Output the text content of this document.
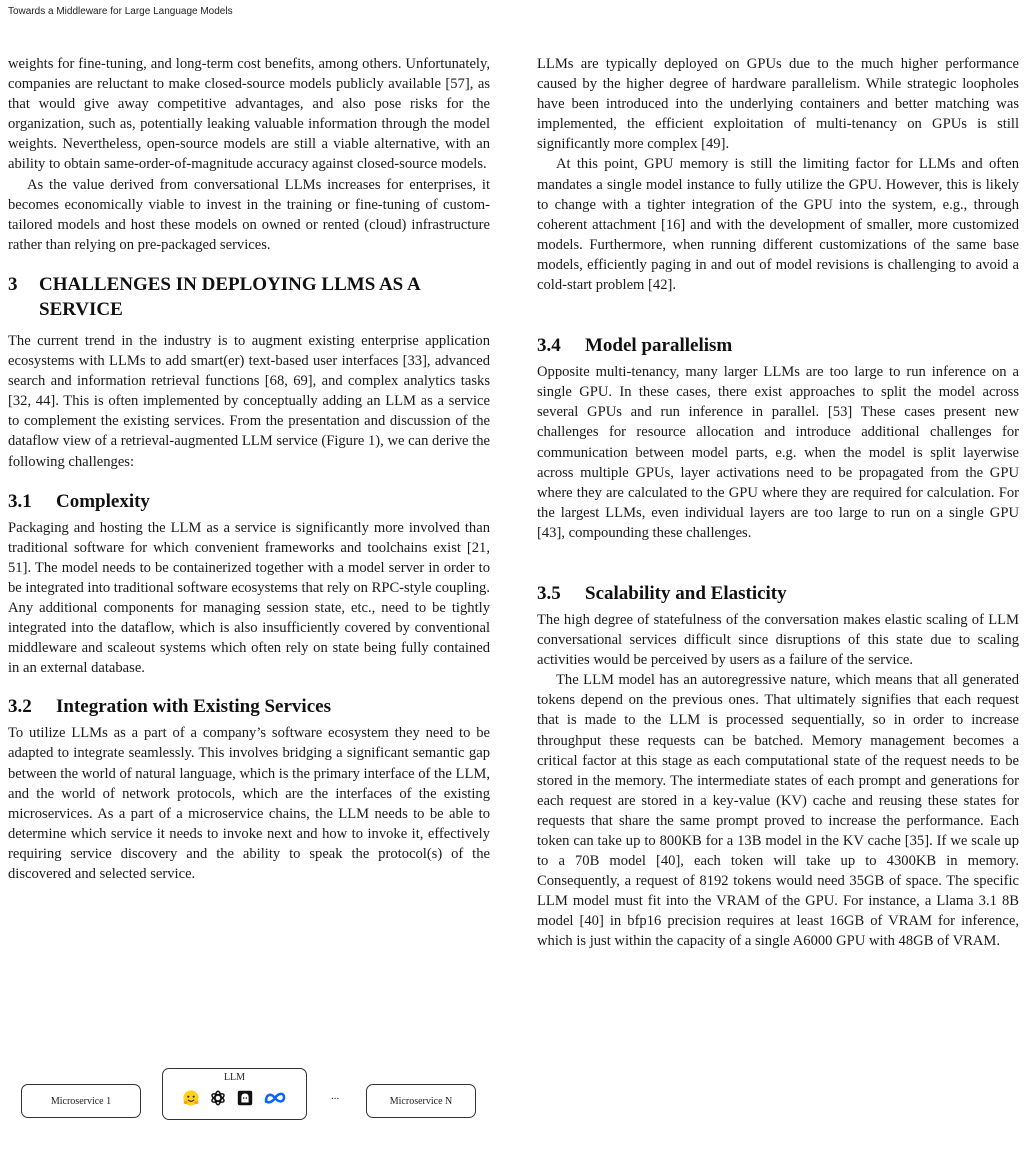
Towards a Middleware for Large Language Models

weights for fine-tuning, and long-term cost benefits, among others. Unfortunately, companies are reluctant to make closed-source models publicly available [57], as that would give away competitive advantages, and also pose risks for the organization, such as, potentially leaking valuable information through the model weights. Nevertheless, open-source models are still a viable alternative, with an ability to obtain same-order-of-magnitude accuracy against closed-source models.

As the value derived from conversational LLMs increases for enterprises, it becomes economically viable to invest in the training or fine-tuning of custom-tailored models and host these models on owned or rented (cloud) infrastructure rather than relying on pre-packaged services.

3	CHALLENGES IN DEPLOYING LLMS AS A SERVICE

The current trend in the industry is to augment existing enterprise application ecosystems with LLMs to add smart(er) text-based user interfaces [33], advanced search and information retrieval functions [68, 69], and complex analytics tasks [32, 44]. This is often implemented by conceptually adding an LLM as a service to complement the existing services. From the presentation and discussion of the dataflow view of a retrieval-augmented LLM service (Figure 1), we can derive the following challenges:

3.1	Complexity

Packaging and hosting the LLM as a service is significantly more involved than traditional software for which convenient frameworks and toolchains exist [21, 51]. The model needs to be containerized together with a model server in order to be integrated into traditional software ecosystems that rely on RPC-style coupling. Any additional components for managing session state, etc., need to be tightly integrated into the dataflow, which is also insufficiently covered by conventional middleware and scaleout systems which often rely on state being fully contained in an external database.

3.2	Integration with Existing Services

To utilize LLMs as a part of a company’s software ecosystem they need to be adapted to integrate seamlessly. This involves bridging a significant semantic gap between the world of natural language, which is the primary interface of the LLM, and the world of network protocols, which are the interfaces of the existing microservices. As a part of a microservice chains, the LLM needs to be able to determine which service it needs to invoke next and how to invoke it, effectively requiring service discovery and the ability to speak the protocol(s) of the discovered and selected service.

Microservice 1
LLM
...	Microservice N

LLMs are typically deployed on GPUs due to the much higher performance caused by the higher degree of hardware parallelism. While strategic loopholes have been introduced into the underlying containers and better matching was implemented, the efficient exploitation of multi-tenancy on GPUs is still significantly more complex [49].

At this point, GPU memory is still the limiting factor for LLMs and often mandates a single model instance to fully utilize the GPU. However, this is likely to change with a tighter integration of the GPU into the system, e.g., through coherent attachment [16] and with the development of smaller, more customized models. Furthermore, when running different customizations of the same base models, efficiently paging in and out of model revisions is challenging to avoid a cold-start problem [42].

3.4	Model parallelism

Opposite multi-tenancy, many larger LLMs are too large to run inference on a single GPU. In these cases, there exist approaches to split the model across several GPUs and run inference in parallel. [53] These cases present new challenges for resource allocation and introduce additional challenges for communication between model parts, e.g. when the model is split layerwise across multiple GPUs, layer activations need to be propagated from the GPU where they are calculated to the GPU where they are required for calculation. For the largest LLMs, even individual layers are too large to run on a single GPU [43], compounding these challenges.

3.5	Scalability and Elasticity

The high degree of statefulness of the conversation makes elastic scaling of LLM conversational services difficult since disruptions of this state due to scaling activities would be perceived by users as a failure of the service.

The LLM model has an autoregressive nature, which means that all generated tokens depend on the previous ones. That ultimately signifies that each request that is made to the LLM is processed sequentially, so in order to increase throughput these requests can be batched. Memory management becomes a critical factor at this stage as each computational state of the request needs to be stored in the memory. The intermediate states of each prompt and generations for each request are stored in a key-value (KV) cache and reusing these states for requests that share the same prompt proved to increase the performance. Each token can take up to 800KB for a 13B model in the KV cache [35]. If we scale up to a 70B model [40], each token will take up to 4300KB in memory. Consequently, a request of 8192 tokens would need 35GB of space. The specific LLM model must fit into the VRAM of the GPU. For instance, a Llama 3.1 8B model [40] in bfp16 precision requires at least 16GB of VRAM for inference, which is just within the capacity of a single A6000 GPU with 48GB of VRAM.
